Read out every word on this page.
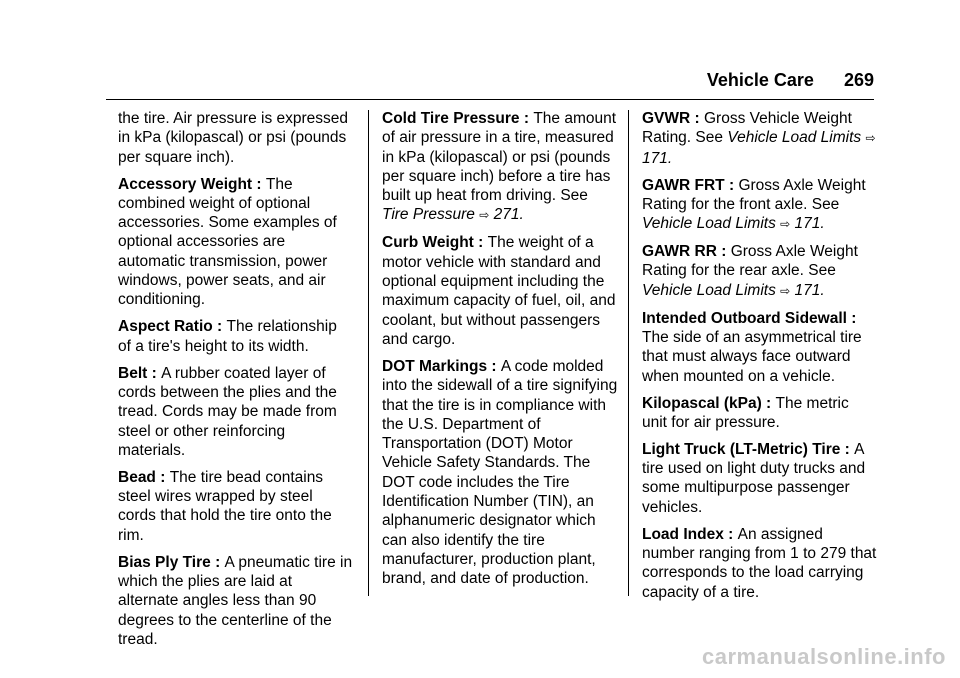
Vehicle Care 269

the tire. Air pressure is expressed in kPa (kilopascal) or psi (pounds per square inch).

Accessory Weight : The combined weight of optional accessories. Some examples of optional accessories are automatic transmission, power windows, power seats, and air conditioning.

Aspect Ratio : The relationship of a tire's height to its width.

Belt : A rubber coated layer of cords between the plies and the tread. Cords may be made from steel or other reinforcing materials.

Bead : The tire bead contains steel wires wrapped by steel cords that hold the tire onto the rim.

Bias Ply Tire : A pneumatic tire in which the plies are laid at alternate angles less than 90 degrees to the centerline of the tread.

Cold Tire Pressure : The amount of air pressure in a tire, measured in kPa (kilopascal) or psi (pounds per square inch) before a tire has built up heat from driving. See Tire Pressure ⇨ 271.

Curb Weight : The weight of a motor vehicle with standard and optional equipment including the maximum capacity of fuel, oil, and coolant, but without passengers and cargo.

DOT Markings : A code molded into the sidewall of a tire signifying that the tire is in compliance with the U.S. Department of Transportation (DOT) Motor Vehicle Safety Standards. The DOT code includes the Tire Identification Number (TIN), an alphanumeric designator which can also identify the tire manufacturer, production plant, brand, and date of production.

GVWR : Gross Vehicle Weight Rating. See Vehicle Load Limits ⇨ 171.

GAWR FRT : Gross Axle Weight Rating for the front axle. See Vehicle Load Limits ⇨ 171.

GAWR RR : Gross Axle Weight Rating for the rear axle. See Vehicle Load Limits ⇨ 171.

Intended Outboard Sidewall : The side of an asymmetrical tire that must always face outward when mounted on a vehicle.

Kilopascal (kPa) : The metric unit for air pressure.

Light Truck (LT-Metric) Tire : A tire used on light duty trucks and some multipurpose passenger vehicles.

Load Index : An assigned number ranging from 1 to 279 that corresponds to the load carrying capacity of a tire.

carmanualsonline.info
